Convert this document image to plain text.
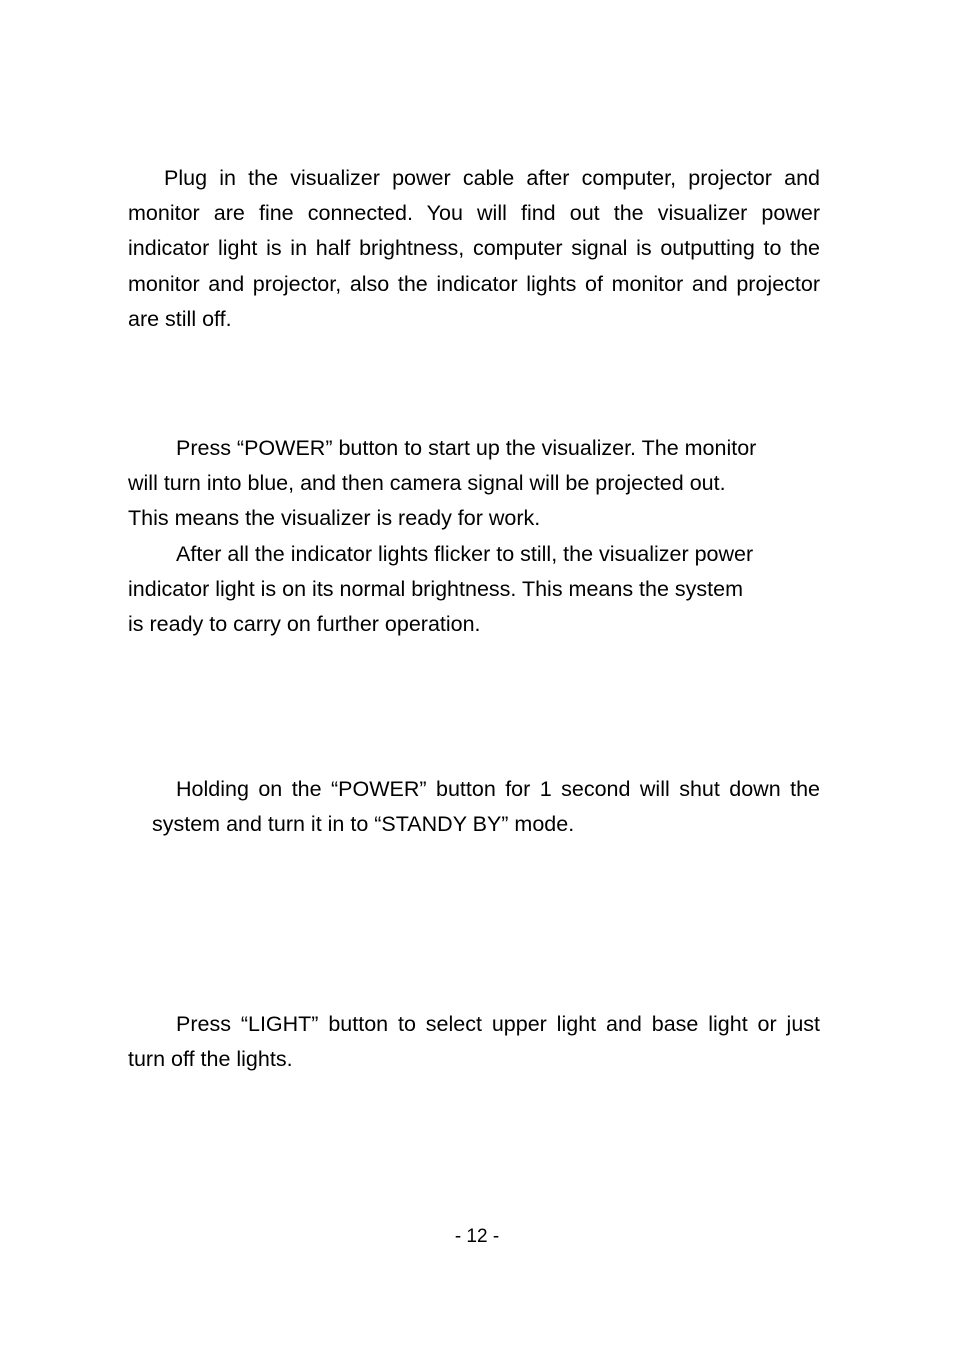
Plug in the visualizer power cable after computer, projector and monitor are fine connected. You will find out the visualizer power indicator light is in half brightness, computer signal is outputting to the monitor and projector, also the indicator lights of monitor and projector are still off.

Press “POWER” button to start up the visualizer. The monitor
will turn into blue, and then camera signal will be projected out.
This means the visualizer is ready for work.
After all the indicator lights flicker to still, the visualizer power
indicator light is on its normal brightness. This means the system
is ready to carry on further operation.

Holding on the “POWER” button for 1 second will shut down the system and turn it in to “STANDY BY” mode.

Press “LIGHT” button to select upper light and base light or just turn off the lights.

- 12 -
